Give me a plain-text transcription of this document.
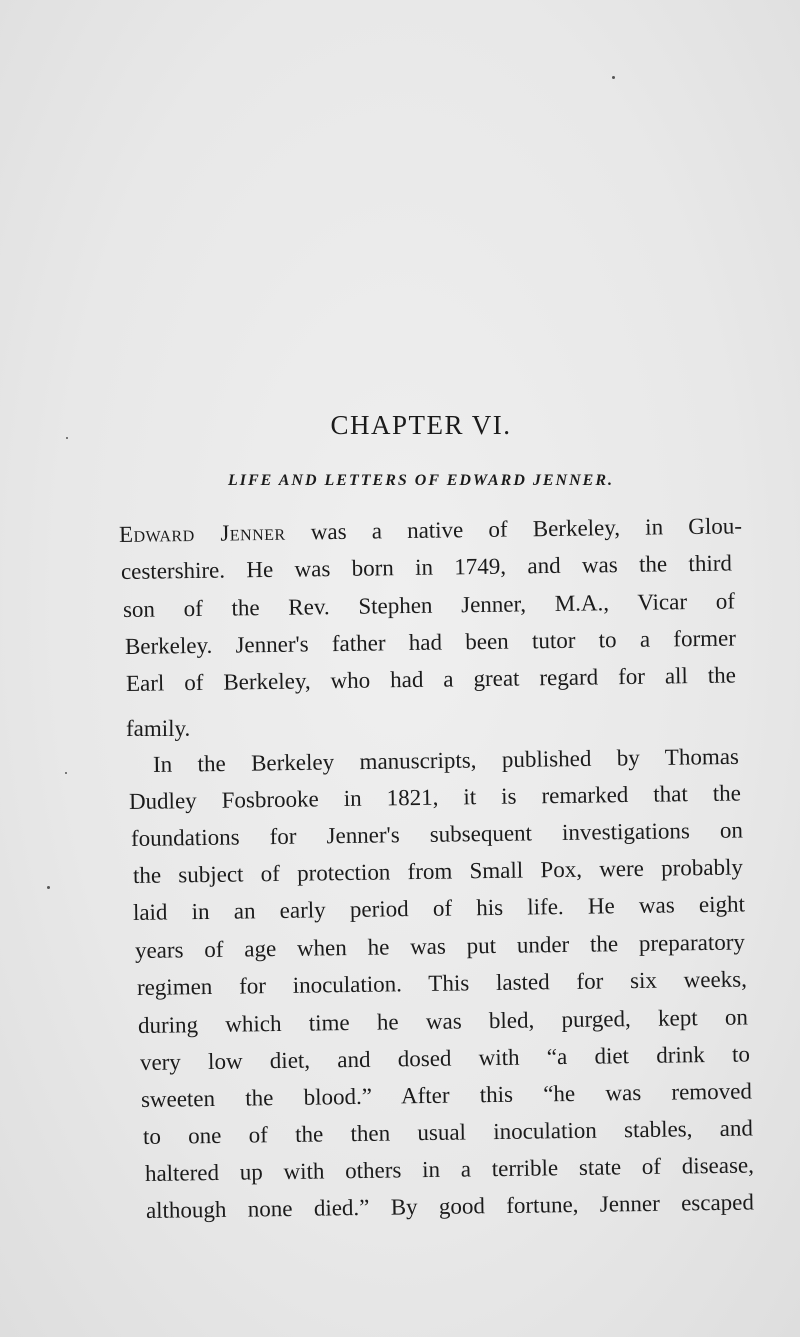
CHAPTER VI.
LIFE AND LETTERS OF EDWARD JENNER.
Edward Jenner was a native of Berkeley, in Glou-
cestershire. He was born in 1749, and was the third
son of the Rev. Stephen Jenner, M.A., Vicar of
Berkeley. Jenner's father had been tutor to a former
Earl of Berkeley, who had a great regard for all the
family.
In the Berkeley manuscripts, published by Thomas
Dudley Fosbrooke in 1821, it is remarked that the
foundations for Jenner's subsequent investigations on
the subject of protection from Small Pox, were probably
laid in an early period of his life. He was eight
years of age when he was put under the preparatory
regimen for inoculation. This lasted for six weeks,
during which time he was bled, purged, kept on
very low diet, and dosed with “a diet drink to
sweeten the blood.” After this “he was removed
to one of the then usual inoculation stables, and
haltered up with others in a terrible state of disease,
although none died.” By good fortune, Jenner escaped
